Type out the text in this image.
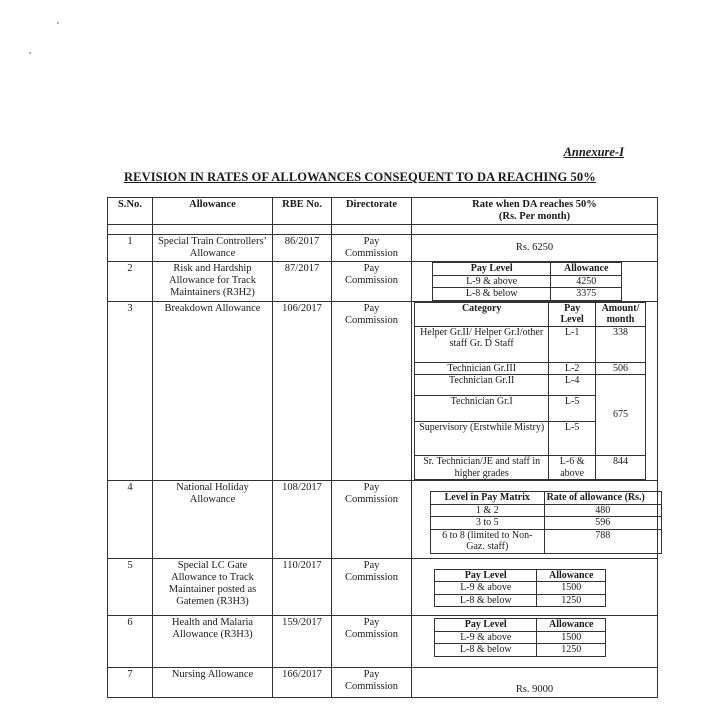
Annexure-I
REVISION IN RATES OF ALLOWANCES CONSEQUENT TO DA REACHING 50%
S.No.	Allowance	RBE No.	Directorate	Rate when DA reaches 50%
(Rs. Per month)

1	Special Train Controllers’ Allowance	86/2017	Pay
Commission
	Rs. 6250
2	Risk and Hardship Allowance for Track Maintainers (R3H2)	87/2017	Pay
Commission

Pay Level	Allowance
L-9 & above	4250
L-8 & below	3375

3	Breakdown Allowance	106/2017	Pay
Commission

Category	Pay Level	Amount/ month
Helper Gr.II/ Helper Gr.I/other staff Gr. D Staff	L-1	338
Technician Gr.III	L-2	506
Technician Gr.II	L-4	675
Technician Gr.I	L-5
Supervisory (Erstwhile Mistry)	L-5
Sr. Technician/JE and staff in higher grades	L-6 & above	844

4	National Holiday Allowance	108/2017	Pay
Commission
		Level in Pay Matrix	Rate of allowance (Rs.)
1 & 2	480
3 to 5	596
6 to 8 (limited to Non-Gaz. staff)	788

5	Special LC Gate Allowance to Track Maintainer posted as Gatemen (R3H3)	110/2017	Pay
Commission
		Pay Level	Allowance
L-9 & above	1500
L-8 & below	1250

6	Health and Malaria Allowance (R3H3)	159/2017	Pay
Commission

Pay Level	Allowance
L-9 & above	1500
L-8 & below	1250

7	Nursing Allowance	166/2017	Pay
Commission	Rs. 9000
